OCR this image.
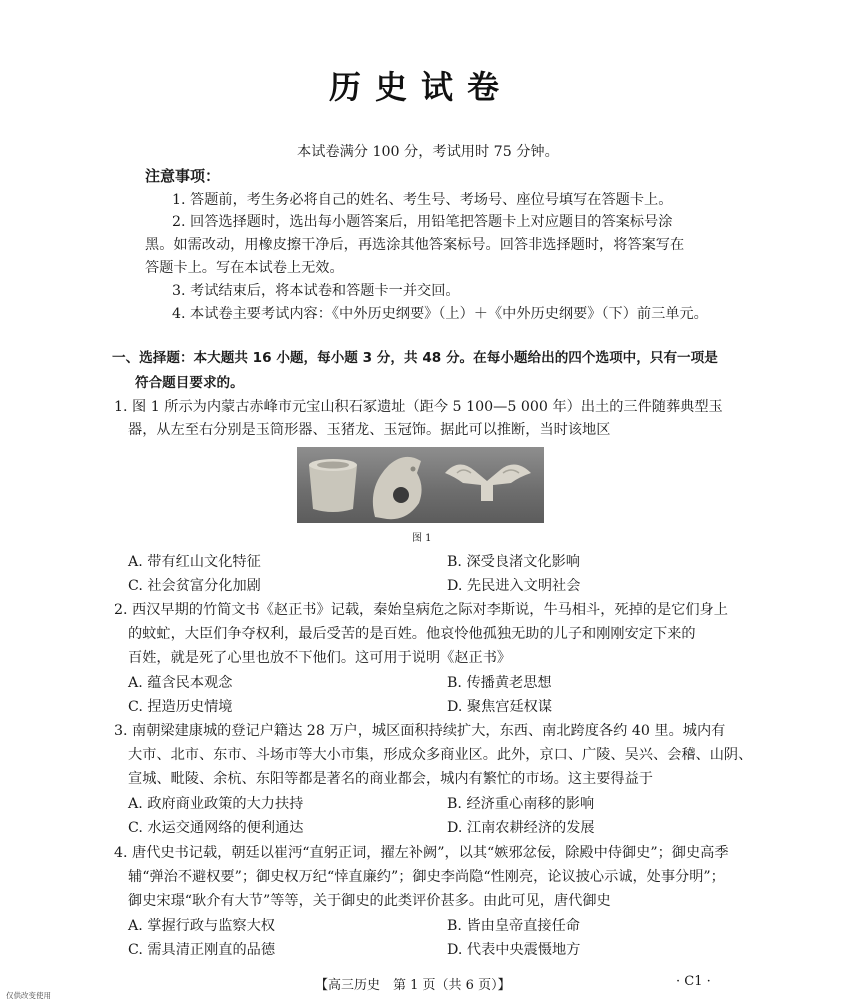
历史试卷
本试卷满分 100 分，考试用时 75 分钟。
注意事项：
1. 答题前，考生务必将自己的姓名、考生号、考场号、座位号填写在答题卡上。
2. 回答选择题时，选出每小题答案后，用铅笔把答题卡上对应题目的答案标号涂
黑。如需改动，用橡皮擦干净后，再选涂其他答案标号。回答非选择题时，将答案写在
答题卡上。写在本试卷上无效。
3. 考试结束后，将本试卷和答题卡一并交回。
4. 本试卷主要考试内容：《中外历史纲要》（上）＋《中外历史纲要》（下）前三单元。
一、选择题：本大题共 16 小题，每小题 3 分，共 48 分。在每小题给出的四个选项中，只有一项是
符合题目要求的。
1. 图 1 所示为内蒙古赤峰市元宝山积石冢遗址（距今 5 100—5 000 年）出土的三件随葬典型玉
器，从左至右分别是玉筒形器、玉猪龙、玉冠饰。据此可以推断，当时该地区
图 1
A. 带有红山文化特征	B. 深受良渚文化影响
C. 社会贫富分化加剧	D. 先民进入文明社会
2. 西汉早期的竹简文书《赵正书》记载，秦始皇病危之际对李斯说，牛马相斗，死掉的是它们身上
的蚊虻，大臣们争夺权利，最后受苦的是百姓。他哀怜他孤独无助的儿子和刚刚安定下来的
百姓，就是死了心里也放不下他们。这可用于说明《赵正书》
A. 蕴含民本观念	B. 传播黄老思想
C. 捏造历史情境	D. 聚焦宫廷权谋
3. 南朝梁建康城的登记户籍达 28 万户，城区面积持续扩大，东西、南北跨度各约 40 里。城内有
大市、北市、东市、斗场市等大小市集，形成众多商业区。此外，京口、广陵、吴兴、会稽、山阴、
宣城、毗陵、余杭、东阳等都是著名的商业都会，城内有繁忙的市场。这主要得益于
A. 政府商业政策的大力扶持	B. 经济重心南移的影响
C. 水运交通网络的便利通达	D. 江南农耕经济的发展
4. 唐代史书记载，朝廷以崔沔“直躬正词，擢左补阙”，以其“嫉邪忿佞，除殿中侍御史”；御史高季
辅“弹治不避权要”；御史权万纪“悻直廉约”；御史李尚隐“性刚亮，论议披心示诚，处事分明”；
御史宋璟“耿介有大节”等等，关于御史的此类评价甚多。由此可见，唐代御史
A. 掌握行政与监察大权	B. 皆由皇帝直接任命
C. 需具清正刚直的品德	D. 代表中央震慑地方
【高三历史　第 1 页（共 6 页）】	· C1 ·
仅供改变使用
